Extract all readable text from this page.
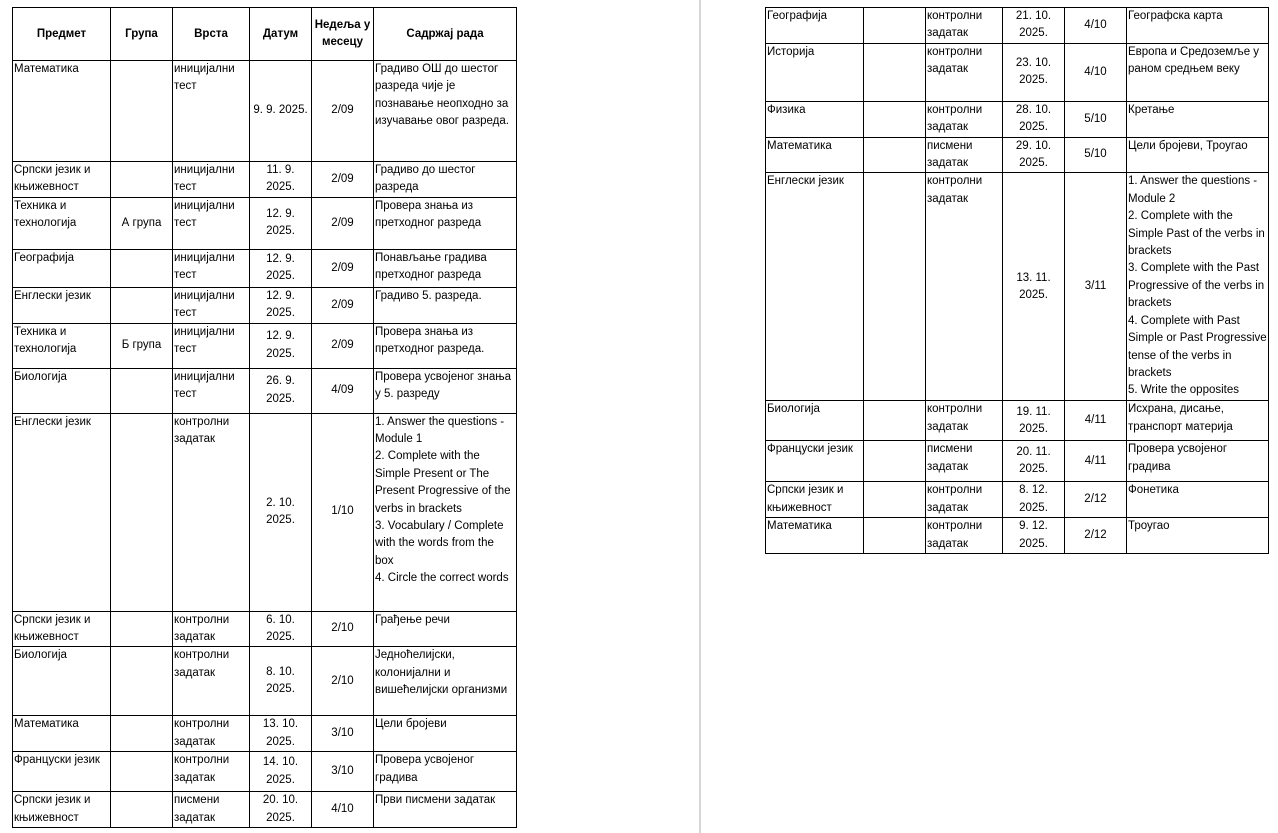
Предмет	Група	Врста	Датум	Недеља у месецу	Садржај рада
Математика		иницијални тест	9. 9. 2025.	2/09	Градиво ОШ до шестог разреда чије је познавање неопходно за изучавање овог разреда.
Српски језик и књижевност		иницијални тест	11. 9. 2025.	2/09	Градиво до шестог разреда
Техника и технологија	А група	иницијални тест	12. 9. 2025.	2/09	Провера знања из претходног разреда
Географија		иницијални тест	12. 9. 2025.	2/09	Понављање градива претходног разреда
Енглески језик		иницијални тест	12. 9. 2025.	2/09	Градиво 5. разреда.
Техника и технологија	Б група	иницијални тест	12. 9. 2025.	2/09	Провера знања из претходног разреда.
Биологија		иницијални тест	26. 9. 2025.	4/09	Провера усвојеног знања у 5. разреду
Енглески језик		контролни задатак	2. 10. 2025.	1/10	1. Answer the questions - Module 1
2. Complete with the Simple Present or The Present Progressive of the verbs in brackets
3. Vocabulary / Complete with the words from the box
4. Circle the correct words
Српски језик и књижевност		контролни задатак	6. 10. 2025.	2/10	Грађење речи
Биологија		контролни задатак	8. 10. 2025.	2/10	Једноћелијски, колонијални и вишећелијски организми
Математика		контролни задатак	13. 10. 2025.	3/10	Цели бројеви
Француски језик		контролни задатак	14. 10. 2025.	3/10	Провера усвојеног градива
Српски језик и књижевност		писмени задатак	20. 10. 2025.	4/10	Први писмени задатак
Географија		контролни задатак	21. 10. 2025.	4/10	Географска карта
Историја		контролни задатак	23. 10. 2025.	4/10	Европа и Средоземље у раном средњем веку
Физика		контролни задатак	28. 10. 2025.	5/10	Кретање
Математика		писмени задатак	29. 10. 2025.	5/10	Цели бројеви, Троугао
Енглески језик		контролни задатак	13. 11. 2025.	3/11	1. Answer the questions - Module 2
2. Complete with the Simple Past of the verbs in brackets
3. Complete with the Past Progressive of the verbs in brackets
4. Complete with Past Simple or Past Progressive tense of the verbs in brackets
5. Write the opposites
Биологија		контролни задатак	19. 11. 2025.	4/11	Исхрана, дисање, транспорт материја
Француски језик		писмени задатак	20. 11. 2025.	4/11	Провера усвојеног градива
Српски језик и књижевност		контролни задатак	8. 12. 2025.	2/12	Фонетика
Математика		контролни задатак	9. 12. 2025.	2/12	Троугао
